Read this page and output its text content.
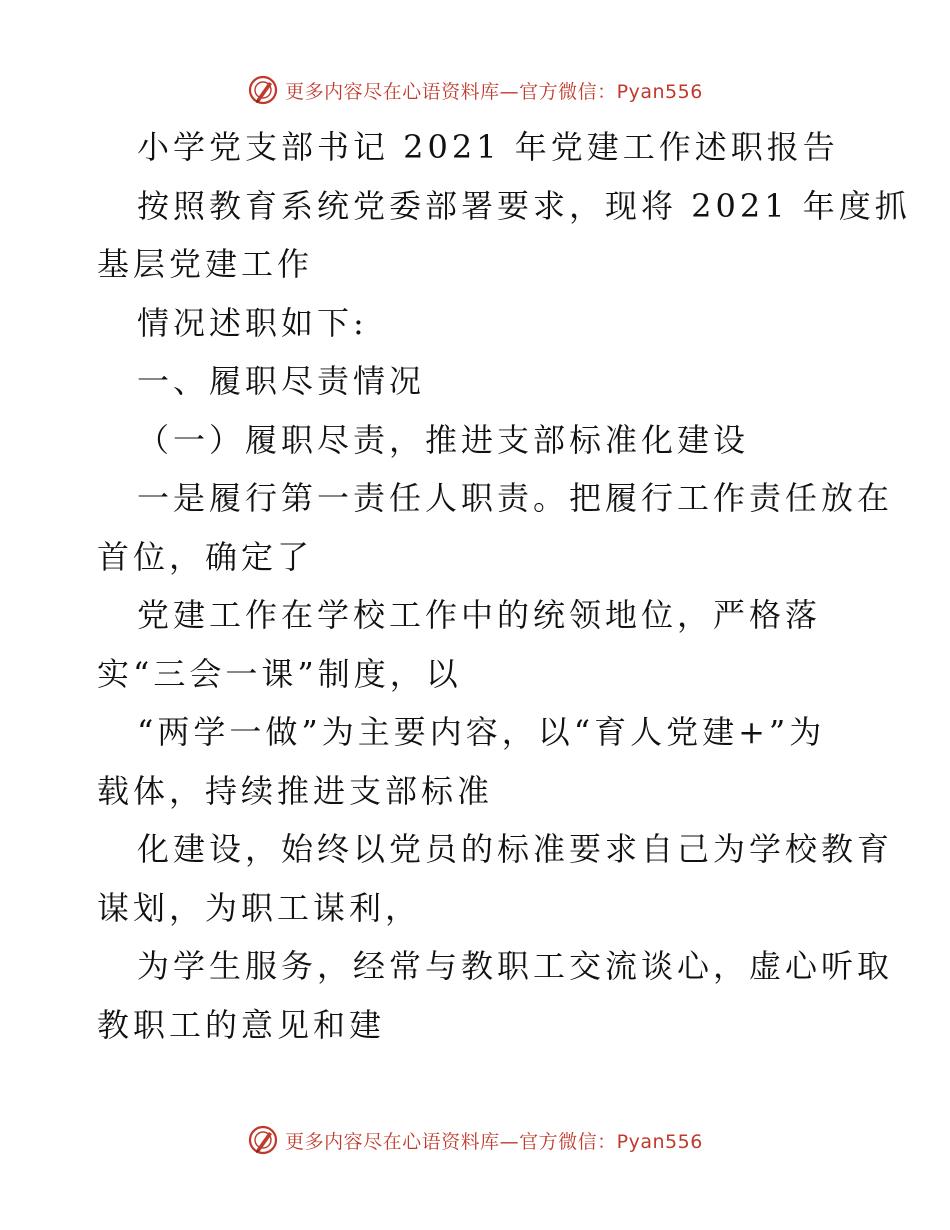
更多内容尽在心语资料库—官方微信：Pyan556
小学党支部书记 2021 年党建工作述职报告
按照教育系统党委部署要求，现将 2021 年度抓
基层党建工作
情况述职如下:
一、履职尽责情况
（一）履职尽责，推进支部标准化建设
一是履行第一责任人职责。把履行工作责任放在
首位，确定了
党建工作在学校工作中的统领地位，严格落
实“三会一课”制度，以
“两学一做”为主要内容，以“育人党建+”为
载体，持续推进支部标准
化建设，始终以党员的标准要求自己为学校教育
谋划，为职工谋利，
为学生服务，经常与教职工交流谈心，虚心听取
教职工的意见和建
更多内容尽在心语资料库—官方微信：Pyan556
